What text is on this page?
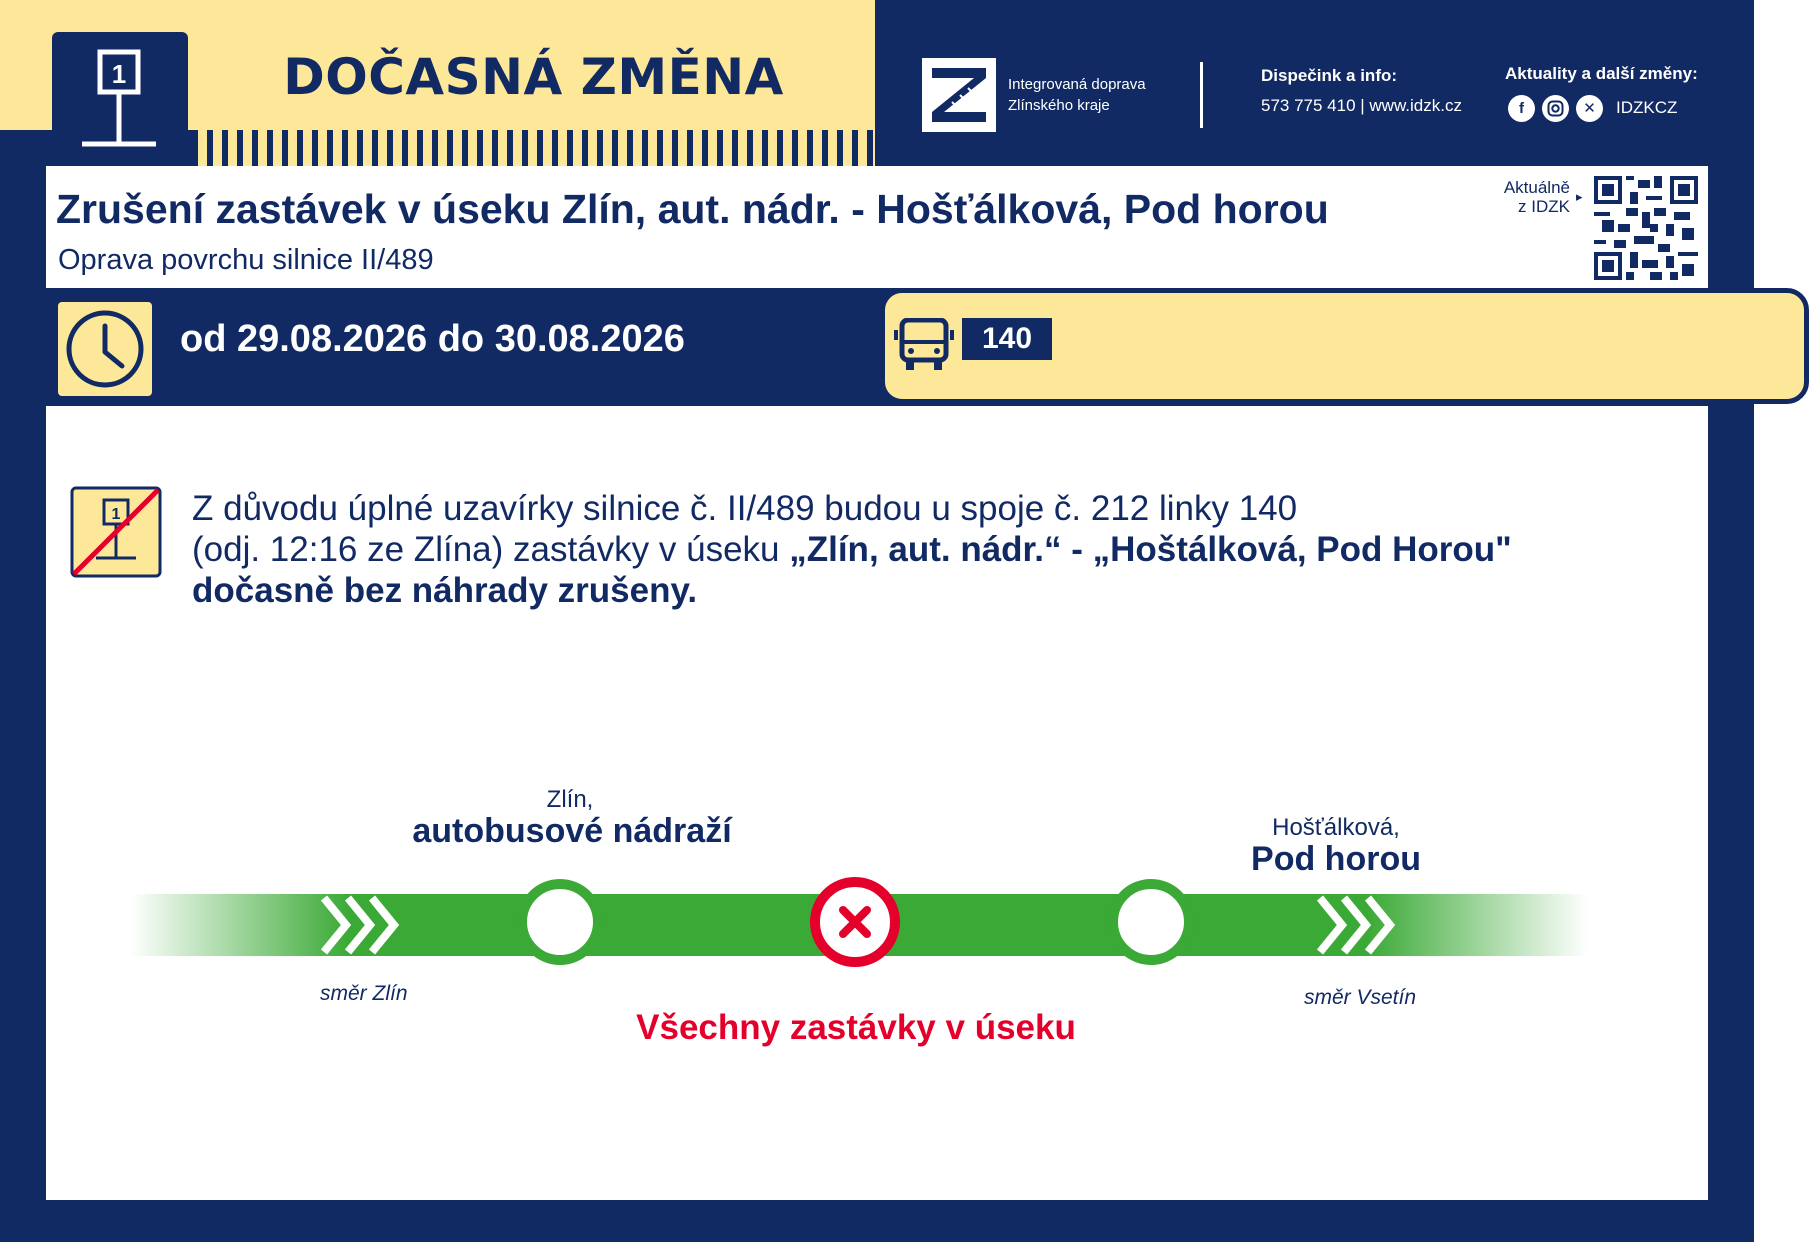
1	DOČASNÁ ZMĚNA	Integrovaná doprava
Zlínského kraje
Dispečink a info:
573 775 410 | www.idzk.cz
Aktuality a další změny:
f	✕	IDZKCZ
Zrušení zastávek v úseku Zlín, aut. nádr. - Hošťálková, Pod horou
Oprava povrchu silnice II/489
Aktuálně
z IDZK ▸
od 29.08.2026 do 30.08.2026	140
1 Z důvodu úplné uzavírky silnice č. II/489 budou u spoje č. 212 linky 140
(odj. 12:16 ze Zlína) zastávky v úseku „Zlín, aut. nádr.“ - „Hoštálková, Pod Horou"
dočasně bez náhrady zrušeny.
Zlín,
autobusové nádraží	Hošťálková,
Pod horou
směr Zlín	směr Vsetín
Všechny zastávky v úseku
